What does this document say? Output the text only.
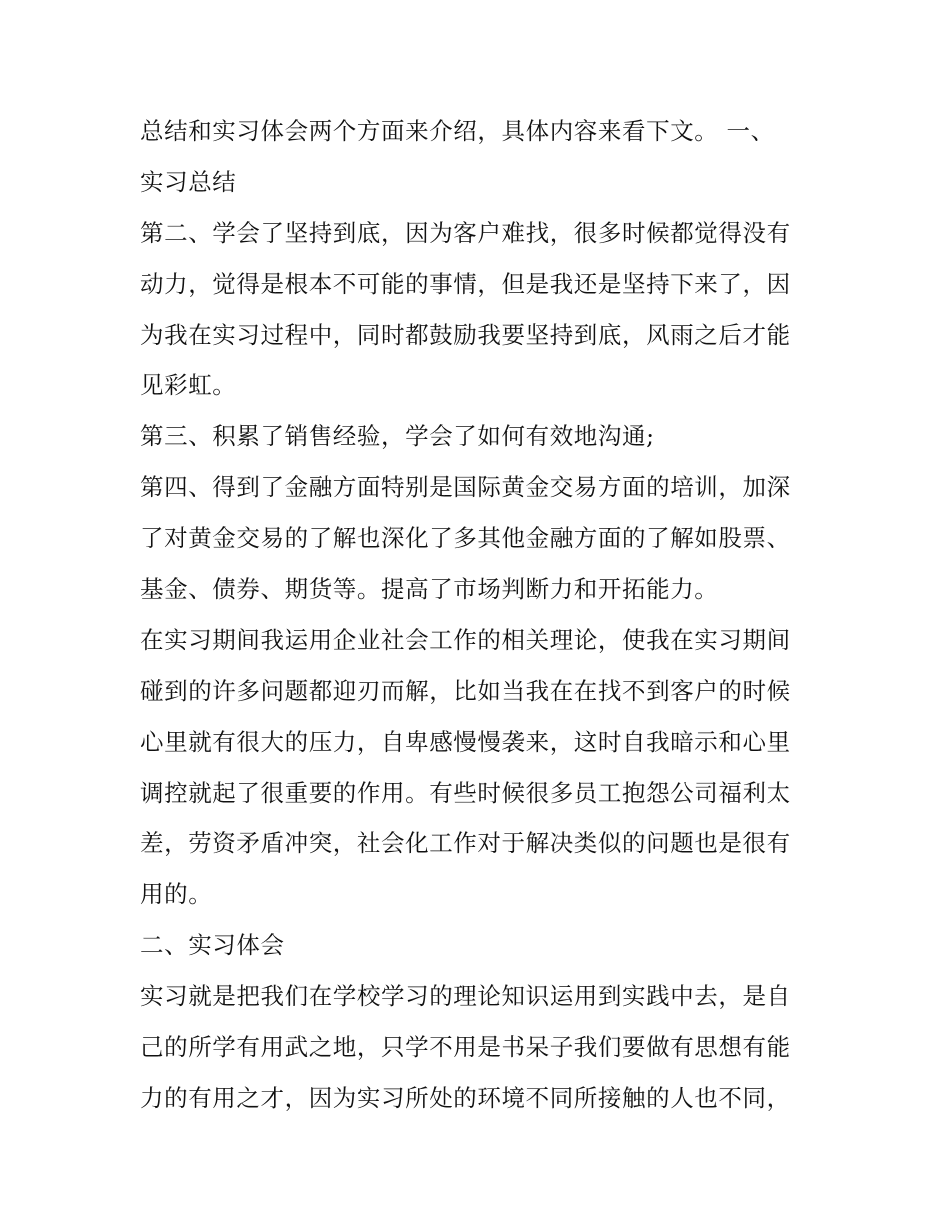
总结和实习体会两个方面来介绍，具体内容来看下文。 一、
实习总结
第二、学会了坚持到底，因为客户难找，很多时候都觉得没有
动力，觉得是根本不可能的事情，但是我还是坚持下来了，因
为我在实习过程中，同时都鼓励我要坚持到底，风雨之后才能
见彩虹。
第三、积累了销售经验，学会了如何有效地沟通;
第四、得到了金融方面特别是国际黄金交易方面的培训，加深
了对黄金交易的了解也深化了多其他金融方面的了解如股票、
基金、债券、期货等。提高了市场判断力和开拓能力。
在实习期间我运用企业社会工作的相关理论，使我在实习期间
碰到的许多问题都迎刃而解，比如当我在在找不到客户的时候
心里就有很大的压力，自卑感慢慢袭来，这时自我暗示和心里
调控就起了很重要的作用。有些时候很多员工抱怨公司福利太
差，劳资矛盾冲突，社会化工作对于解决类似的问题也是很有
用的。
二、实习体会
实习就是把我们在学校学习的理论知识运用到实践中去，是自
己的所学有用武之地，只学不用是书呆子我们要做有思想有能
力的有用之才，因为实习所处的环境不同所接触的人也不同，
